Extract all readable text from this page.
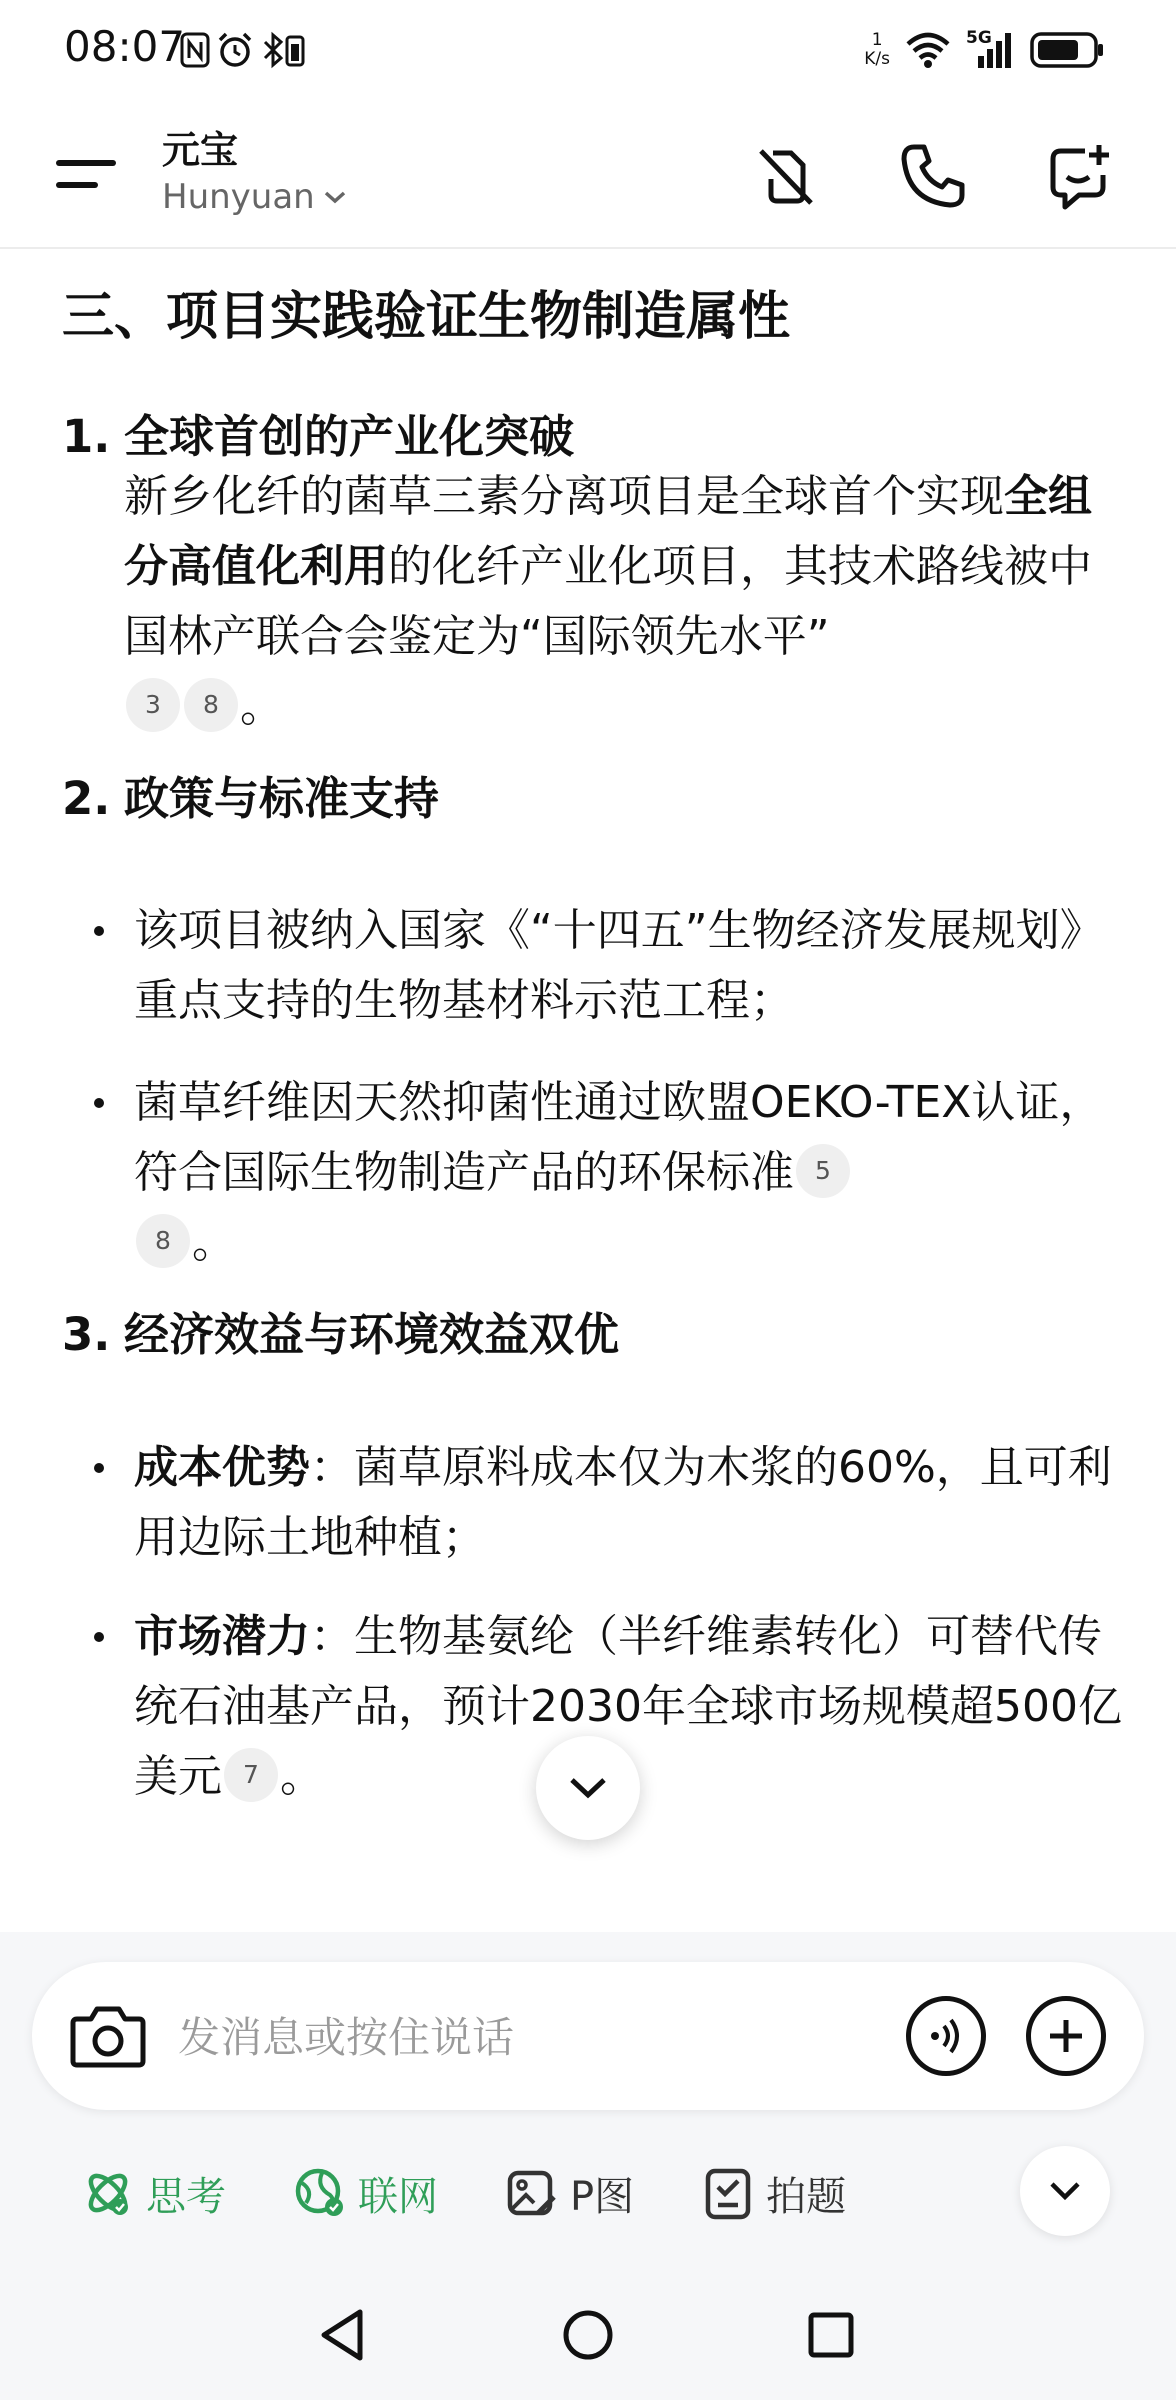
08:07	1
K/s
5G
元宝
Hunyuan
三、项目实践验证生物制造属性
1. 全球首创的产业化突破
新乡化纤的菌草三素分离项目是全球首个实现全组分高值化利用的化纤产业化项目，其技术路线被中国林产联合会鉴定为“国际领先水平”
3 8 。
2. 政策与标准支持
该项目被纳入国家《“十四五”生物经济发展规划》重点支持的生物基材料示范工程；
菌草纤维因天然抑菌性通过欧盟OEKO-TEX认证，符合国际生物制造产品的环保标准 5
8 。
3. 经济效益与环境效益双优
成本优势：菌草原料成本仅为木浆的60%，且可利用边际土地种植；
市场潜力：生物基氨纶（半纤维素转化）可替代传统石油基产品，预计2030年全球市场规模超500亿美元 7 。
发消息或按住说话
思考	联网	P图	拍题
